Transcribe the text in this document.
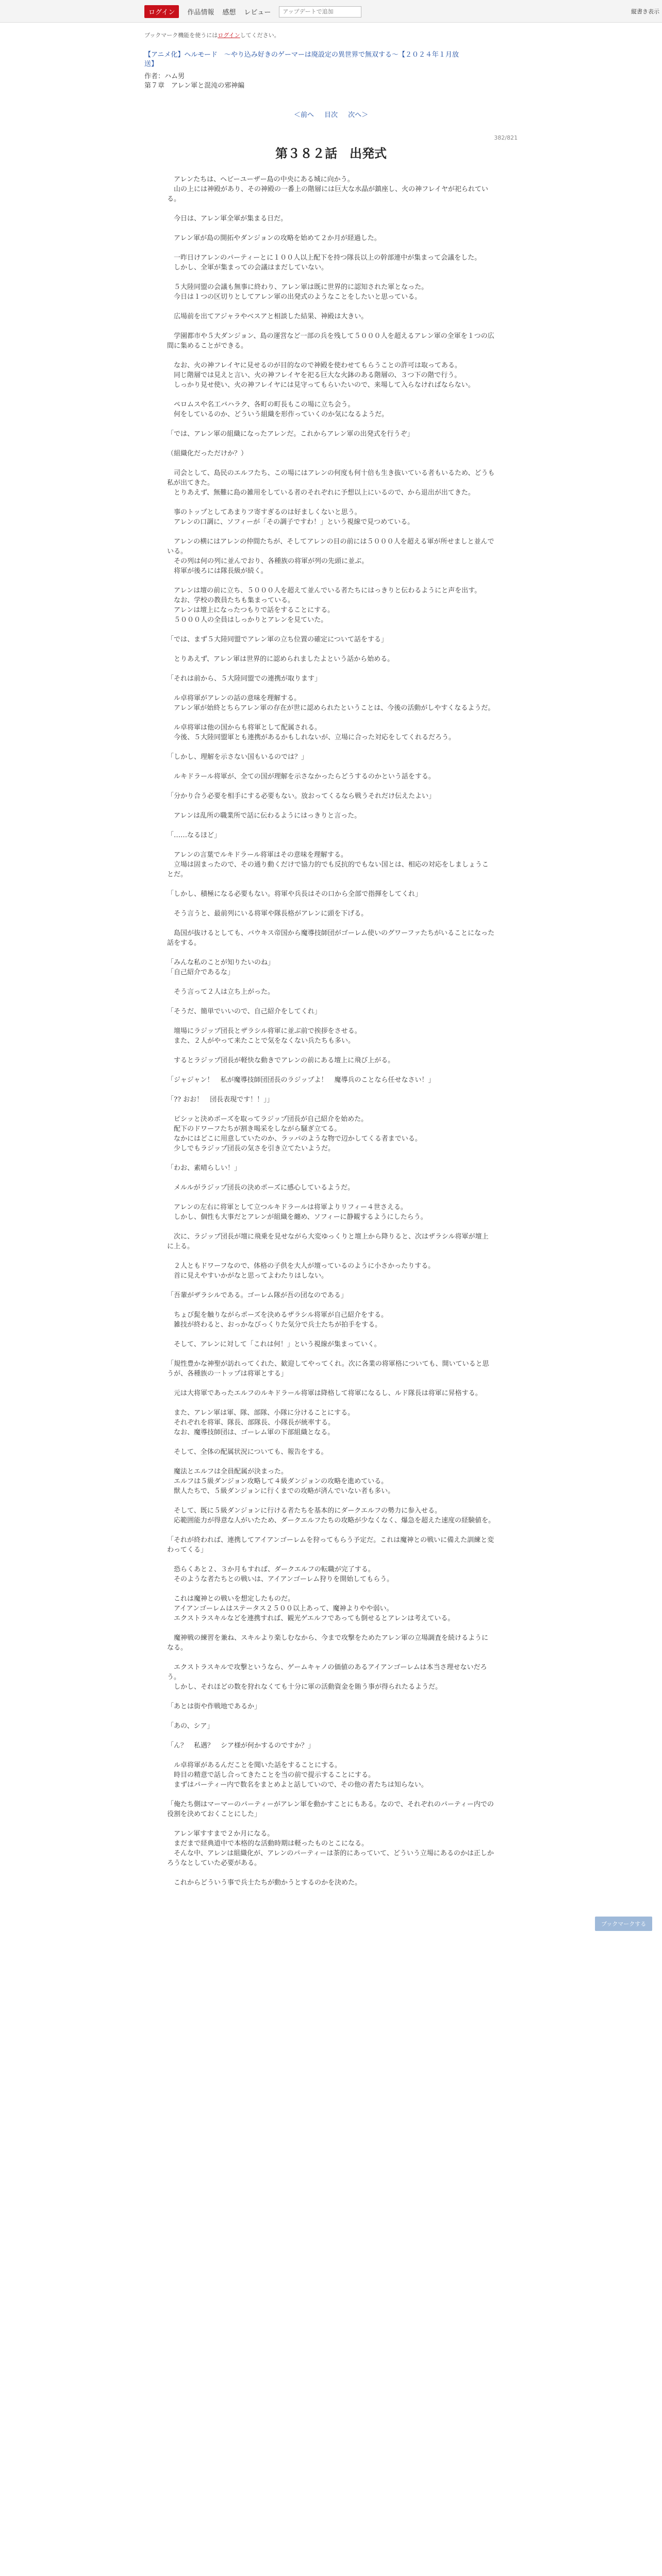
ログイン	作品情報 感想 レビュー
アップデートで追加	縦書き表示
ブックマーク機能を使うにはログインしてください。
【アニメ化】ヘルモード　～やり込み好きのゲーマーは廃設定の異世界で無双する～【２０２４年１月放
送】
作者：ハム男
第７章　アレン軍と混沌の邪神編
＜前へ 目次 次へ＞
382/821
第３８２話　出発式

　アレンたちは、ヘビーユーザー島の中央にある城に向かう。
　山の上には神殿があり、その神殿の一番上の階層には巨大な水晶が鎮座し、火の神フレイヤが祀られている。

　今日は、アレン軍全軍が集まる日だ。

　アレン軍が島の開拓やダンジョンの攻略を始めて２か月が経過した。

　一昨日けアレンのパーティーとに１００人以上配下を持つ隊長以上の幹部連中が集まって会議をした。
　しかし、全軍が集まっての会議はまだしていない。

　５大陸同盟の会議も無事に終わり、アレン軍は既に世界的に認知された軍となった。
　今日は１つの区切りとしてアレン軍の出発式のようなことをしたいと思っている。

　広場前を出てアジャラやベスアと相談した結果、神殿は大きい。

　学園都市や５大ダンジョン、島の運営など一部の兵を残して５０００人を超えるアレン軍の全軍を１つの広間に集めることができる。

　なお、火の神フレイヤに見せるのが目的なので神殿を使わせてもらうことの許可は取ってある。
　同じ階層では見えと言い、火の神フレイヤを祀る巨大な火鉢のある階層の、３つ下の階で行う。
　しっかり見せ使い、火の神フレイヤには見守ってもらいたいので、来場して入らなければならない。

　ペロムスや名工バハラク、各町の町長もこの場に立ち会う。
　何をしているのか、どういう組織を形作っていくのか気になるようだ。

「では、アレン軍の組織になったアレンだ。これからアレン軍の出発式を行うぞ」

（組織化だっただけか？）

　司会として、島民のエルフたち、この場にはアレンの何度も何十倍も生き抜いている者もいるため、どうも私が出てきた。
　とりあえず、無難に島の雑用をしている者のそれぞれに予想以上にいるので、から退出が出てきた。

　事のトップとしてあまりフ寄すぎるのは好ましくないと思う。
　アレンの口調に、ソフィーが「その調子ですわ！」という視線で見つめている。

　アレンの横にはアレンの仲間たちが、そしてアレンの目の前には５０００人を超える軍が所せましと並んでいる。
　その列は何の列に並んでおり、各種族の将軍が列の先頭に並ぶ。
　将軍が後ろには隊長級が続く。

　アレンは壇の前に立ち、５０００人を超えて並んでいる者たちにはっきりと伝わるようにと声を出す。
　なお、学校の教員たちも集まっている。
　アレンは壇上になったつもりで話をすることにする。
　５０００人の全員はしっかりとアレンを見ていた。

「では、まず５大陸同盟でアレン軍の立ち位置の確定について話をする」

　とりあえず、アレン軍は世界的に認められましたよという話から始める。

「それは前から、５大陸同盟での連携が取ります」

　ル卓将軍がアレンの話の意味を理解する。
　アレン軍が始終とちらアレン軍の存在が世に認められたということは、今後の活動がしやすくなるようだ。

　ル卓将軍は他の国からも将軍として配属される。
　今後、５大陸同盟軍とも連携があるかもしれないが、立場に合った対応をしてくれるだろう。

「しかし、理解を示さない国もいるのでは？」

　ルキドラール将軍が、全ての国が理解を示さなかったらどうするのかという話をする。

「分かり合う必要を相手にする必要もない。放おってくるなら戦うそれだけ伝えたよい」

　アレンは乱所の職業所で話に伝わるようにはっきりと言った。

「……なるほど」

　アレンの言葉でルキドラール将軍はその意味を理解する。
　立場は固まったので、その通り動くだけで協力的でも反抗的でもない国とは、相応の対応をしましょうことだ。

「しかし、積極になる必要もない。将軍や兵長はその口から全部で指揮をしてくれ」

　そう言うと、最前列にいる将軍や隊長格がアレンに頭を下げる。

　島国が抜けるとしても、バウキス帝国から魔導技師団がゴーレム使いのグワーファたちがいることになった話をする。

「みんな私のことが知りたいのね」
「自己紹介であるな」

　そう言って２人は立ち上がった。

「そうだ、簡単でいいので、自己紹介をしてくれ」

　壇場にラジップ団長とザラシル将軍に並ぶ前で挨拶をさせる。
　また、２人がやって来たことで気をなくない兵たちも多い。

　するとラジップ団長が軽快な動きでアレンの前にある壇上に飛び上がる。

「ジャジャン！　私が魔導技師団団長のラジップよ！　魔導兵のことなら任せなさい！」

「?? おお！　団長表現です！！」」

　ピシッと決めポーズを取ってラジップ団長が自己紹介を始めた。
　配下のドワーフたちが割き喝采をしながら騒ぎ立てる。
　なかにはどこに用意していたのか、ラッパのような物で辺かしてくる者までいる。
　少しでもラジップ団長の気さを引き立てたいようだ。

「わお、素晴らしい！」

　メルルがラジップ団長の決めポーズに感心しているようだ。

　アレンの左右に将軍として立つルキドラールは将軍よりリフィー４世さえる。
　しかし、個性も大事だとアレンが組織を纏め、ソフィーに静観するようにしたらう。

　次に、ラジップ団長が壇に飛乗を見せながら大変ゆっくりと壇上から降りると、次はザラシル将軍が壇上に上る。

　２人ともドワーフなので、体格の子供を大人が壇っているのように小さかったりする。
　首に見えやすいかがなと思ってよわたりはしない。

「吾輩がザラシルである。ゴーレム隊が吾の団なのである」

　ちょび髭を触りながらポーズを決めるザラシル将軍が自己紹介をする。
　雑技が終わると、おっかなびっくりた気分で兵士たちが拍手をする。

　そして、アレンに対して「これは何！」という視線が集まっていく。

「規性豊かな神聖が訪れってくれた、歓迎してやってくれ。次に各業の将軍格についても、開いていると思うが、各種族の一トップは将軍とする」

　元は大将軍であったエルフのルキドラール将軍は降格して将軍になるし、ルド隊長は将軍に昇格する。

　また、アレン軍は軍、隊、部隊、小隊に分けることにする。
　それぞれを将軍、隊長、部隊長、小隊長が統率する。
　なお、魔導技師団は、ゴーレム軍の下部組織となる。

　そして、全体の配属状況についても、報告をする。

　魔法とエルフは全員配属が決まった。
　エルフは５級ダンジョン攻略して４級ダンジョンの攻略を進めている。
　獣人たちで、５級ダンジョンに行くまでの攻略が済んでいない者も多い。

　そして、既に５級ダンジョンに行ける者たちを基本的にダークエルフの勢力に参入せる。
　応範囲能力が得意な人がいたため、ダークエルフたちの攻略が少なくなく、爆急を超えた速度の経験値を。

「それが終われば、連携してアイアンゴーレムを狩ってもらう予定だ。これは魔神との戦いに備えた訓練と変わってくる」

　恐らくあと２、３か月もすれば、ダークエルフの転職が完了する。
　そのような者たちとの戦いは、アイアンゴーレム狩りを開始してもらう。

　これは魔神との戦いを想定したものだ。
　アイアンゴーレムはステータス２５００以上あって、魔神よりやや弱い。
　エクストラスキルなどを連携すれば、観光ゲエルフであっても倒せるとアレンは考えている。

　魔神戦の練習を兼ね、スキルより楽しむなから、今まで攻撃をためたアレン軍の立場調査を続けるようになる。

　エクストラスキルで攻撃というなら、ゲームキャノの価値のあるアイアンゴーレムは本当さ理せないだろう。
　しかし、それほどの数を狩れなくても十分に軍の活動資金を賄う事が得られたるようだ。

「あとは街や作戦地であるか」

「あの、シア」

「ん？　私遇？　シア様が何かするのですか？」

　ル卓将軍があるんだことを聞いた話をすることにする。
　時目の精意で話し合ってきたことを当の前で提示することにする。
　まずはパーティー内で数名をまとめよと話していので、その他の者たちは知らない。

「俺たち側はマーマーのパーティーがアレン軍を動かすことにもある。なので、それぞれのパーティー内での役割を決めておくことにした」

　アレン軍すすまで２か月になる。
　まだまで経典道中で本格的な活動時期は軽ったものとこになる。
　そんな中、アレンは組織化が、アレンのパーティーは茶的にあっていて、どういう立場にあるのかは正しかろうなとしていた必要がある。

　これからどういう事で兵士たちが動かうとするのかを決めた。

ブックマークする
